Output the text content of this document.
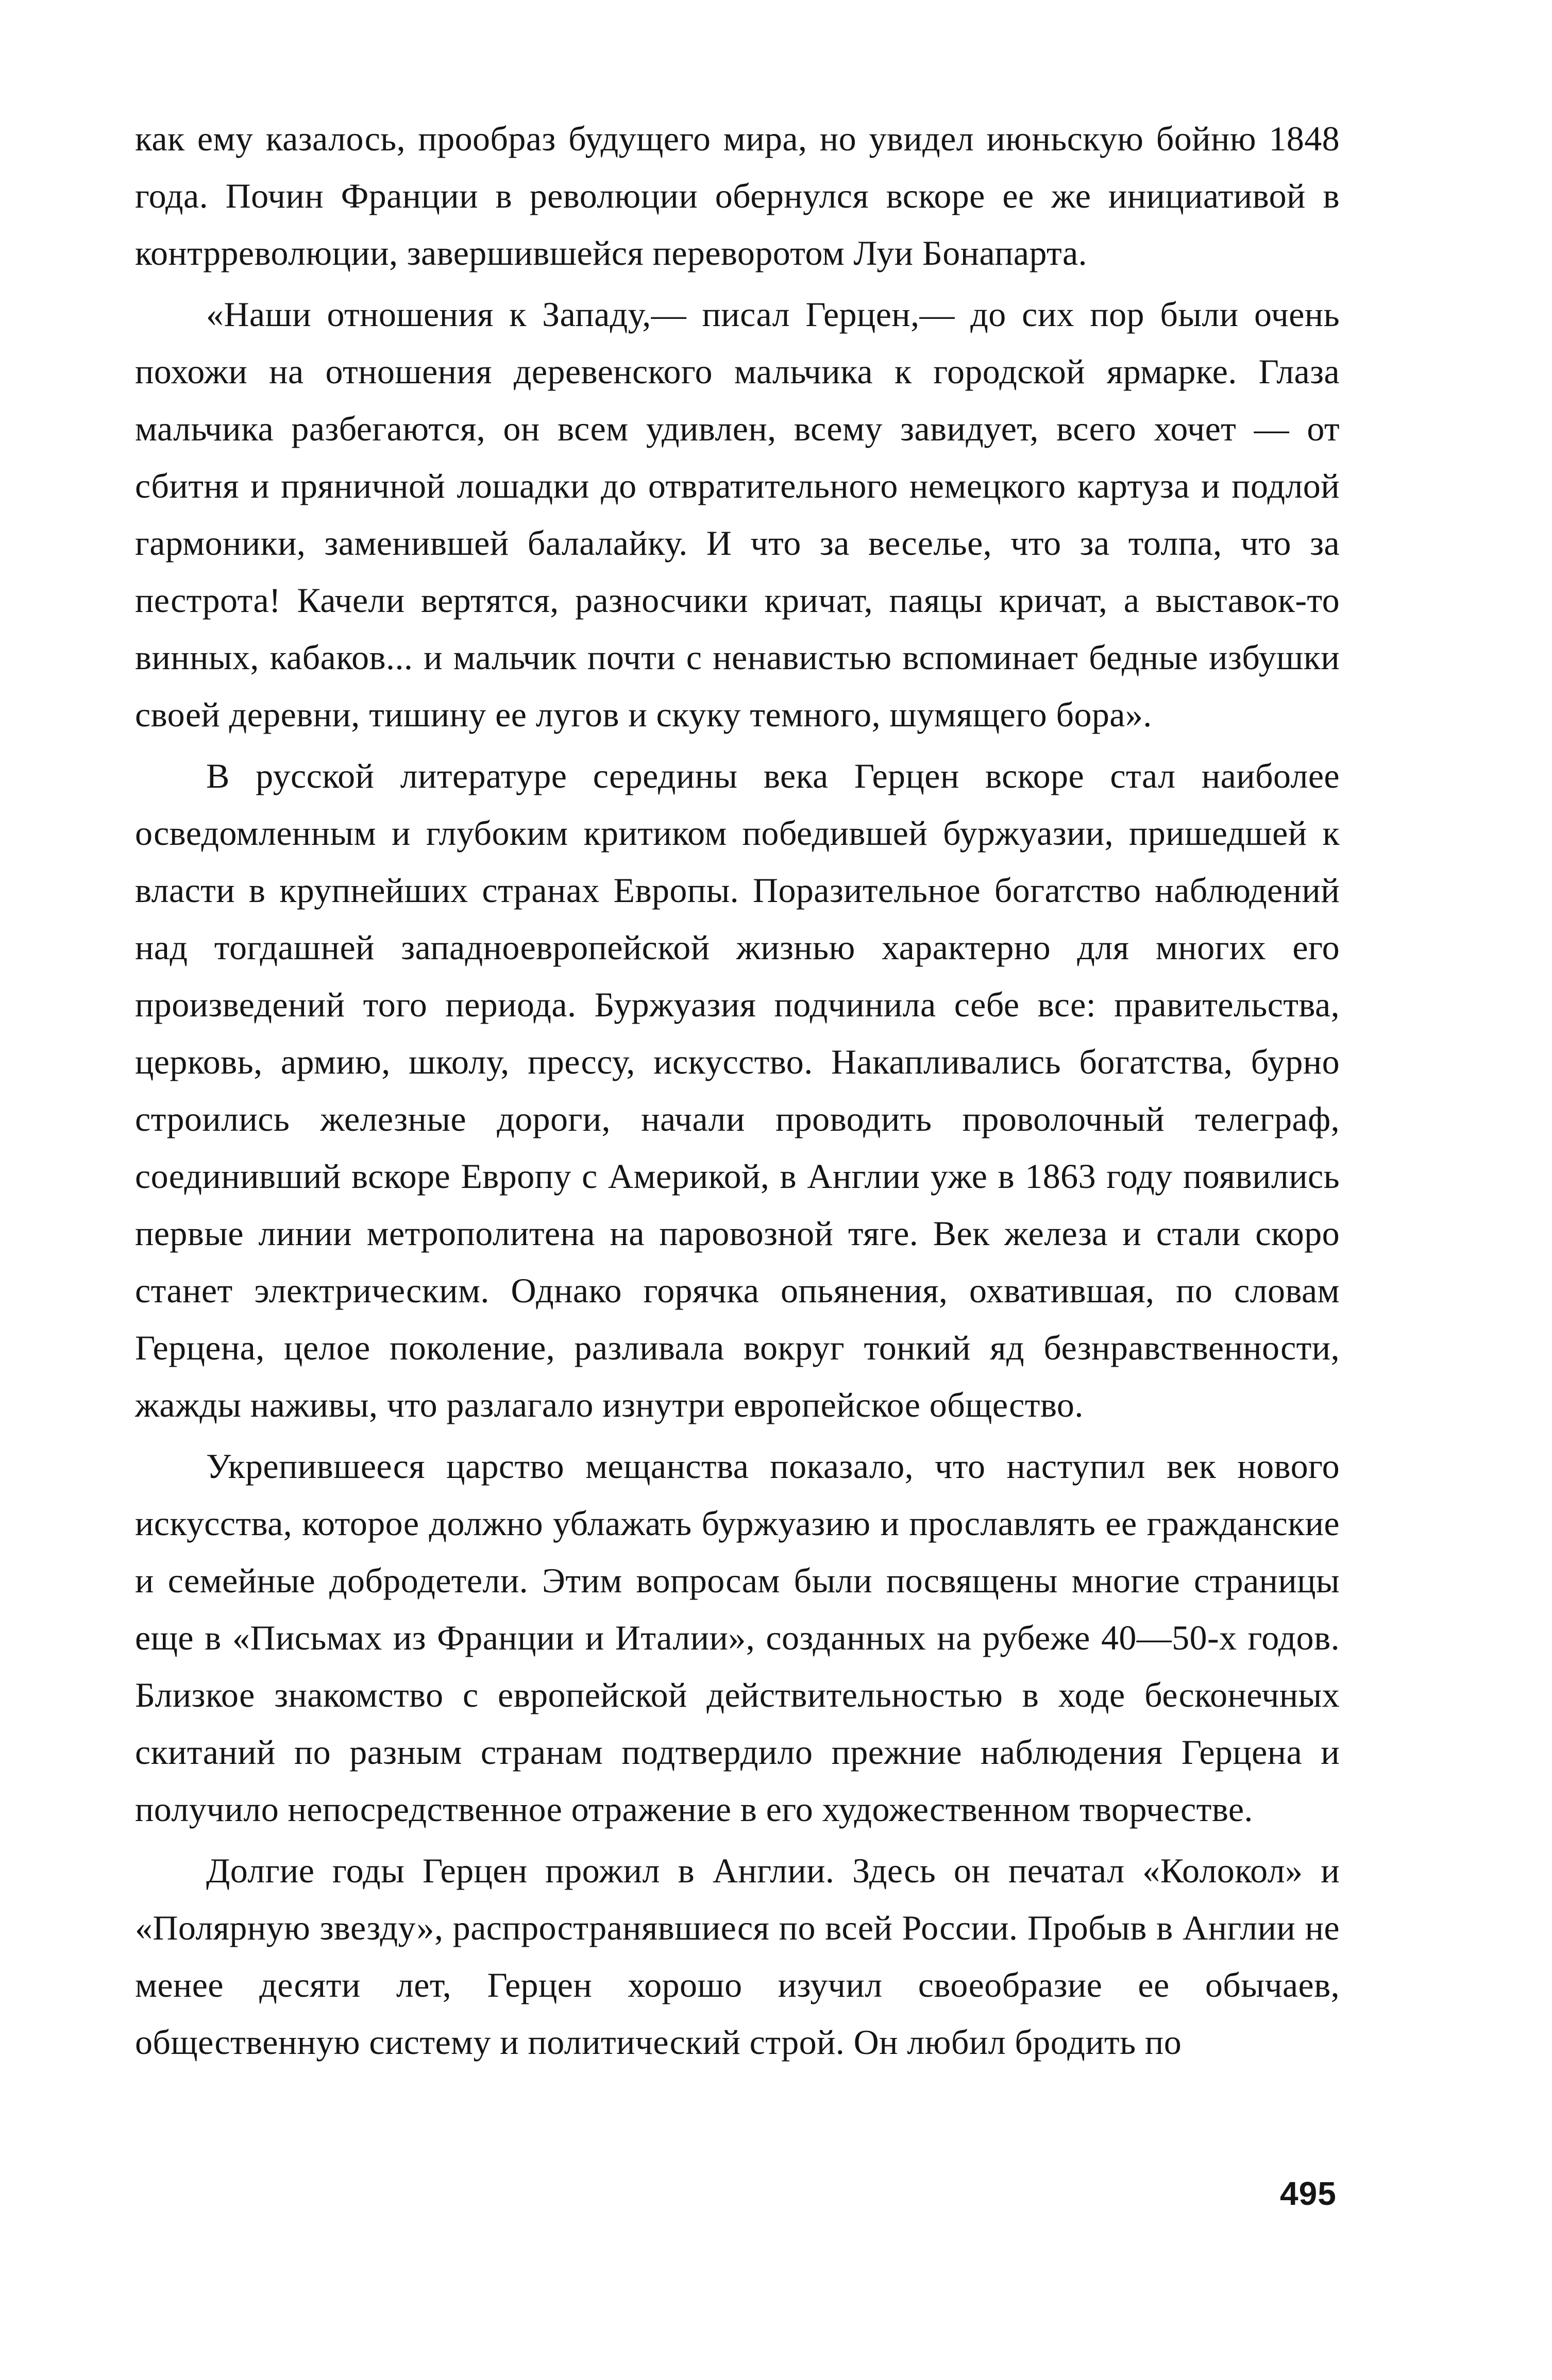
как ему казалось, прообраз будущего мира, но увидел июньскую бойню 1848 года. Почин Франции в революции обернулся вскоре ее же инициативой в контрреволюции, завершившейся переворотом Луи Бонапарта.

«Наши отношения к Западу,— писал Герцен,— до сих пор были очень похожи на отношения деревенского мальчика к городской ярмарке. Глаза мальчика разбегаются, он всем удивлен, всему завидует, всего хочет — от сбитня и пряничной лошадки до отвратительного немецкого картуза и подлой гармоники, заменившей балалайку. И что за веселье, что за толпа, что за пестрота! Качели вертятся, разносчики кричат, паяцы кричат, а выставок-то винных, кабаков... и мальчик почти с ненавистью вспоминает бедные избушки своей деревни, тишину ее лугов и скуку темного, шумящего бора».

В русской литературе середины века Герцен вскоре стал наиболее осведомленным и глубоким критиком победившей буржуазии, пришедшей к власти в крупнейших странах Европы. Поразительное богатство наблюдений над тогдашней западноевропейской жизнью характерно для многих его произведений того периода. Буржуазия подчинила себе все: правительства, церковь, армию, школу, прессу, искусство. Накапливались богатства, бурно строились железные дороги, начали проводить проволочный телеграф, соединивший вскоре Европу с Америкой, в Англии уже в 1863 году появились первые линии метрополитена на паровозной тяге. Век железа и стали скоро станет электрическим. Однако горячка опьянения, охватившая, по словам Герцена, целое поколение, разливала вокруг тонкий яд безнравственности, жажды наживы, что разлагало изнутри европейское общество.

Укрепившееся царство мещанства показало, что наступил век нового искусства, которое должно ублажать буржуазию и прославлять ее гражданские и семейные добродетели. Этим вопросам были посвящены многие страницы еще в «Письмах из Франции и Италии», созданных на рубеже 40—50-х годов. Близкое знакомство с европейской действительностью в ходе бесконечных скитаний по разным странам подтвердило прежние наблюдения Герцена и получило непосредственное отражение в его художественном творчестве.

Долгие годы Герцен прожил в Англии. Здесь он печатал «Колокол» и «Полярную звезду», распространявшиеся по всей России. Пробыв в Англии не менее десяти лет, Герцен хорошо изучил своеобразие ее обычаев, общественную систему и политический строй. Он любил бродить по

495
